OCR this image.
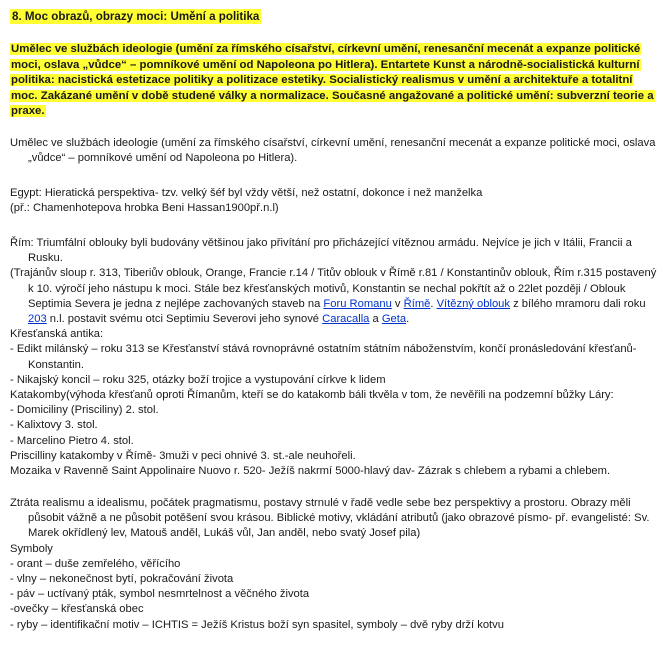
8. Moc obrazů, obrazy moci: Umění a politika
Umělec ve službách ideologie (umění za římského císařství, církevní umění, renesanční mecenát a expanze politické moci, oslava „vůdce“ – pomníkové umění od Napoleona po Hitlera). Entartete Kunst a národně-socialistická kulturní politika: nacistická estetizace politiky a politizace estetiky. Socialistický realismus v umění a architektuře a totalitní moc. Zakázané umění v době studené války a normalizace. Současné angažované a politické umění: subverzní teorie a praxe.

Umělec ve službách ideologie (umění za římského císařství, církevní umění, renesanční mecenát a expanze politické moci, oslava „vůdce“ – pomníkové umění od Napoleona po Hitlera).

Egypt: Hieratická perspektiva- tzv. velký šéf byl vždy větší, než ostatní, dokonce i než manželka

(př.: Chamenhotepova hrobka Beni Hassan1900př.n.l)

Řím: Triumfální oblouky byli budovány většinou jako přivítání pro přicházející vítěznou armádu. Nejvíce je jich v Itálii, Francii a Rusku.

(Trajánův sloup r. 313, Tiberiův oblouk, Orange, Francie r.14 / Titův oblouk v Římě r.81 / Konstantinův oblouk, Řím r.315 postavený k 10. výročí jeho nástupu k moci. Stále bez křesťanských motivů, Konstantin se nechal pokřtít až o 22let později / Oblouk Septimia Severa je jedna z nejlépe zachovaných staveb na Foru Romanu v Římě. Vítězný oblouk z bílého mramoru dali roku 203 n.l. postavit svému otci Septimiu Severovi jeho synové Caracalla a Geta.

Křesťanská antika:

- Edikt milánský – roku 313 se Křesťanství stává rovnoprávné ostatním státním náboženstvím, končí pronásledování křesťanů- Konstantin.

- Nikajský koncil – roku 325, otázky boží trojice a vystupování církve k lidem

Katakomby(výhoda křesťanů oproti Římanům, kteří se do katakomb báli tkvěla v tom, že nevěřili na podzemní bůžky Láry:

- Domiciliny (Prisciliny) 2. stol.

- Kalixtovy 3. stol.

- Marcelino Pietro 4. stol.

Priscilliny katakomby v Římě- 3muži v peci ohnivé 3. st.-ale neuhořeli.

Mozaika v Ravenně Saint Appolinaire Nuovo r. 520- Ježíš nakrmí 5000-hlavý dav- Zázrak s chlebem a rybami a chlebem.

Ztráta realismu a idealismu, počátek pragmatismu, postavy strnulé v řadě vedle sebe bez perspektivy a prostoru. Obrazy měli působit vážně a ne působit potěšení svou krásou. Biblické motivy, vkládání atributů (jako obrazové písmo- př. evangelisté: Sv. Marek okřídlený lev, Matouš anděl, Lukáš vůl, Jan anděl, nebo svatý Josef pila)

Symboly

- orant – duše zemřelého, věřícího

- vlny – nekonečnost bytí, pokračování života

- páv – uctívaný pták, symbol nesmrtelnost a věčného života

-ovečky – křesťanská obec

- ryby – identifikační motiv – ICHTIS = Ježíš Kristus boží syn spasitel, symboly – dvě ryby drží kotvu
